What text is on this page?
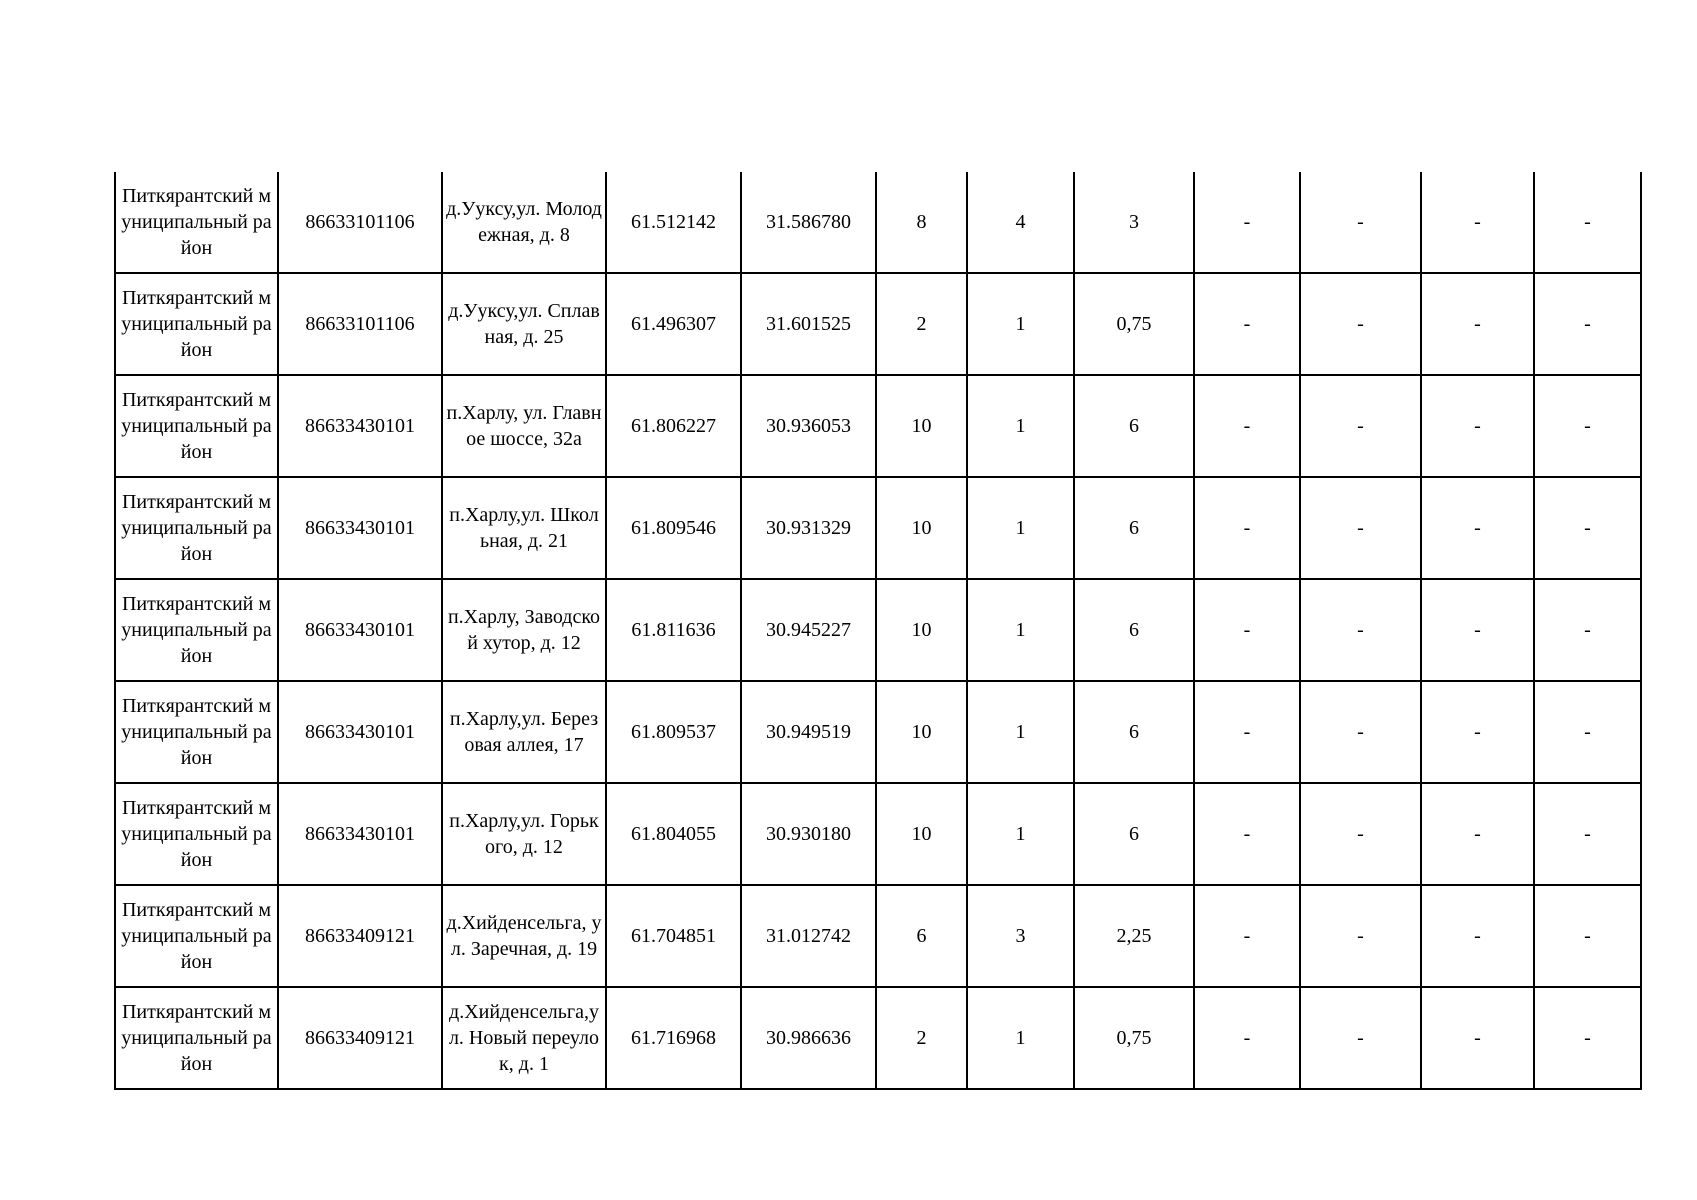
Питкярантский муниципальный район	86633101106	д.Ууксу,ул. Молодежная, д. 8	61.512142	31.586780	8	4	3	-	-	-	-
Питкярантский муниципальный район	86633101106	д.Ууксу,ул. Сплавная, д. 25	61.496307	31.601525	2	1	0,75	-	-	-	-
Питкярантский муниципальный район	86633430101	п.Харлу, ул. Главное шоссе, 32а	61.806227	30.936053	10	1	6	-	-	-	-
Питкярантский муниципальный район	86633430101	п.Харлу,ул. Школьная, д. 21	61.809546	30.931329	10	1	6	-	-	-	-
Питкярантский муниципальный район	86633430101	п.Харлу, Заводской хутор, д. 12	61.811636	30.945227	10	1	6	-	-	-	-
Питкярантский муниципальный район	86633430101	п.Харлу,ул. Березовая аллея, 17	61.809537	30.949519	10	1	6	-	-	-	-
Питкярантский муниципальный район	86633430101	п.Харлу,ул. Горького, д. 12	61.804055	30.930180	10	1	6	-	-	-	-
Питкярантский муниципальный район	86633409121	д.Хийденсельга, ул. Заречная, д. 19	61.704851	31.012742	6	3	2,25	-	-	-	-
Питкярантский муниципальный район	86633409121	д.Хийденсельга,ул. Новый переулок, д. 1	61.716968	30.986636	2	1	0,75	-	-	-	-
